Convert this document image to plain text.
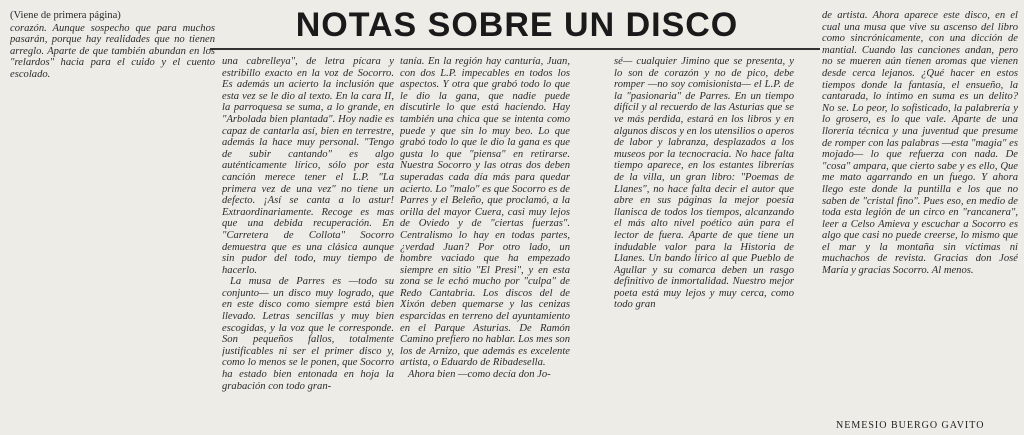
NOTAS SOBRE UN DISCO
(Viene de primera página)

corazón. Aunque sospecho que para muchos pasarán, porque hay realidades que no tienen arreglo. Aparte de que también abundan en los "relardos" hacia para el cuido y el cuento escolado.

una cabrelleya", de letra pícara y estribillo exacto en la voz de Socorro. Es además un acierto la inclusión que esta vez se le dio al texto. En la cara II, la parroquesa se suma, a lo grande, en "Arbolada bien plantada". Hoy nadie es capaz de cantarla así, bien en terrestre, además la hace muy personal. "Tengo de subir cantando" es algo auténticamente lírico, sólo por esta canción merece tener el L.P. "La primera vez de una vez" no tiene un defecto. ¡Así se canta a lo astur! Extraordinariamente. Recoge es mas que una debida recuperación. En "Carretera de Collota" Socorro demuestra que es una clásica aunque sin pudor del todo, muy tiempo de hacerlo.

La musa de Parres es —todo su conjunto— un disco muy logrado, que en este disco como siempre está bien llevado. Letras sencillas y muy bien escogidas, y la voz que le corresponde. Son pequeños fallos, totalmente justificables ni ser el primer disco y, como lo menos se le ponen, que Socorro ha estado bien entonada en hoja la grabación con todo gran-

tanía. En la región hay canturía, Juan, con dos L.P. impecables en todos los aspectos. Y otra que grabó todo lo que le dio la gana, que nadie puede discutirle lo que está haciendo. Hay también una chica que se intenta como puede y que sin lo muy beo. Lo que grabó todo lo que le dio la gana es que gusta lo que "piensa" en retirarse. Nuestra Socorro y las otras dos deben superadas cada día más para quedar acierto. Lo "malo" es que Socorro es de Parres y el Beleño, que proclamó, a la orilla del mayor Cuera, casi muy lejos de Oviedo y de "ciertas fuerzas". Centralismo lo hay en todas partes, ¿verdad Juan? Por otro lado, un hombre vaciado que ha empezado siempre en sitio "El Presi", y en esta zona se le echó mucho por "culpa" de Redo Cantabria. Los discos del de Xixón deben quemarse y las cenizas esparcidas en terreno del ayuntamiento en el Parque Asturias. De Ramón Camino prefiero no hablar. Los mes son los de Arnizo, que además es excelente artista, o Eduardo de Ribadesella.

Ahora bien —como decía don Jo-

sé— cualquier Jimino que se presenta, y lo son de corazón y no de pico, debe romper —no soy comisionista— el L.P. de la "pasionaria" de Parres. En un tiempo difícil y al recuerdo de las Asturias que se ve más perdida, estará en los libros y en algunos discos y en los utensilios o aperos de labor y labranza, desplazados a los museos por la tecnocracia. No hace falta tiempo aparece, en los estantes librerías de la villa, un gran libro: "Poemas de Llanes", no hace falta decir el autor que abre en sus páginas la mejor poesía llanisca de todos los tiempos, alcanzando el más alto nivel poético aún para el lector de fuera. Aparte de que tiene un indudable valor para la Historia de Llanes. Un bando lírico al que Pueblo de Agullar y su comarca deben un rasgo definitivo de inmortalidad. Nuestro mejor poeta está muy lejos y muy cerca, como todo gran

de artista. Ahora aparece este disco, en el cual una musa que vive su ascenso del libro como sincrónicamente, con una dicción de mantial. Cuando las canciones andan, pero no se mueren aún tienen aromas que vienen desde cerca lejanos. ¿Qué hacer en estos tiempos donde la fantasía, el ensueño, la cantarada, lo íntimo en suma es un delito? No se. Lo peor, lo sofisticado, la palabrería y lo grosero, es lo que vale. Aparte de una llorería técnica y una juventud que presume de romper con las palabras —esta "magia" es mojado— lo que refuerza con nada. De "cosa" ampara, que cierto sabe y es ello, Que me mato agarrando en un fuego. Y ahora llego este donde la puntilla e los que no saben de "cristal fino". Pues eso, en medio de toda esta legión de un circo en "rancanera", leer a Celso Amieva y escuchar a Socorro es algo que casi no puede creerse, lo mismo que el mar y la montaña sin víctimas ni muchachos de revista. Gracias don José María y gracias Socorro. Al menos.

NEMESIO BUERGO GAVITO
